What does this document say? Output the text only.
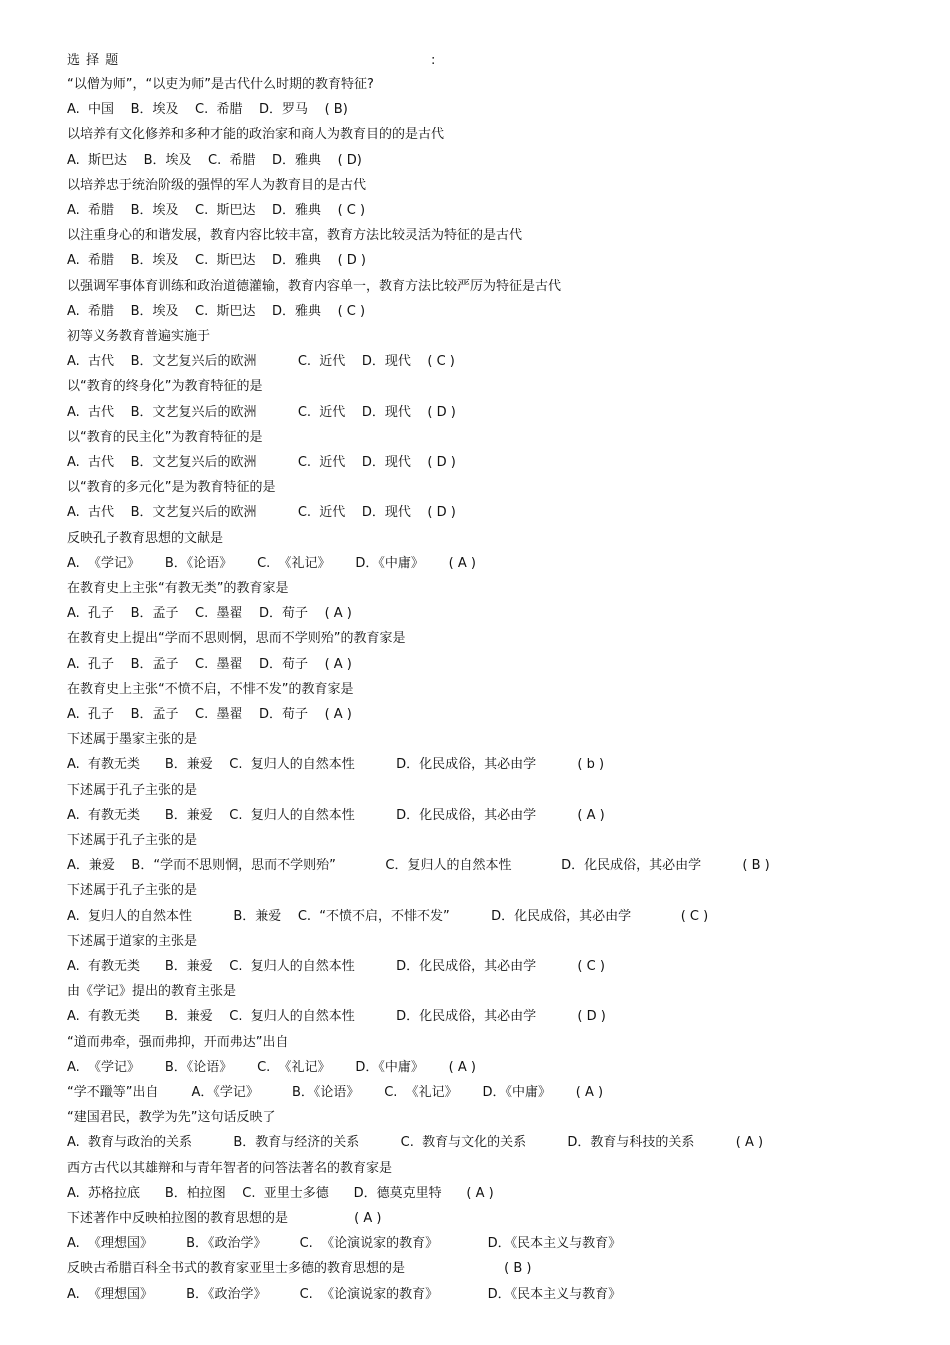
选 择 题	:
“以僧为师”，“以吏为师”是古代什么时期的教育特征?
A.  中国    B．埃及    C.  希腊    D．罗马    ( B)
以培养有文化修养和多种才能的政治家和商人为教育目的的是古代
A.  斯巴达    B．埃及    C.  希腊    D．雅典    ( D)
以培养忠于统治阶级的强悍的军人为教育目的是古代
A.  希腊    B．埃及    C.  斯巴达    D．雅典    ( C )
以注重身心的和谐发展，教育内容比较丰富，教育方法比较灵活为特征的是古代
A.  希腊    B．埃及    C.  斯巴达    D．雅典    ( D )
以强调军事体育训练和政治道德灌输，教育内容单一，教育方法比较严厉为特征是古代
A.  希腊    B．埃及    C.  斯巴达    D．雅典    ( C )
初等义务教育普遍实施于
A.  古代    B．文艺复兴后的欧洲          C.  近代    D．现代    ( C )
以“教育的终身化”为教育特征的是
A.  古代    B．文艺复兴后的欧洲          C.  近代    D．现代    ( D )
以“教育的民主化”为教育特征的是
A.  古代    B．文艺复兴后的欧洲          C.  近代    D．现代    ( D )
以“教育的多元化”是为教育特征的是
A.  古代    B．文艺复兴后的欧洲          C.  近代    D．现代    ( D )
反映孔子教育思想的文献是
A.  《学记》      B．《论语》      C.  《礼记》      D．《中庸》      ( A )
在教育史上主张“有教无类”的教育家是
A.  孔子    B．孟子    C.  墨翟    D．荀子    ( A )
在教育史上提出“学而不思则惘，思而不学则殆”的教育家是
A.  孔子    B．孟子    C.  墨翟    D．荀子    ( A )
在教育史上主张“不愤不启，不悱不发”的教育家是
A.  孔子    B．孟子    C.  墨翟    D．荀子    ( A )
下述属于墨家主张的是
A.  有教无类      B．兼爱    C.  复归人的自然本性          D．化民成俗，其必由学          ( b )
下述属于孔子主张的是
A.  有教无类      B．兼爱    C.  复归人的自然本性          D．化民成俗，其必由学          ( A )
下述属于孔子主张的是
A．兼爱    B．“学而不思则惘，思而不学则殆”            C．复归人的自然本性            D．化民成俗，其必由学          ( B )
下述属于孔子主张的是
A.  复归人的自然本性          B．兼爱    C.  “不愤不启，不悱不发”          D．化民成俗，其必由学            ( C )
下述属于道家的主张是
A.  有教无类      B．兼爱    C.  复归人的自然本性          D．化民成俗，其必由学          ( C )
由《学记》提出的教育主张是
A.  有教无类      B．兼爱    C.  复归人的自然本性          D．化民成俗，其必由学          ( D )
“道而弗牵，强而弗抑，开而弗达”出自
A.  《学记》      B．《论语》      C.  《礼记》      D．《中庸》      ( A )
“学不躐等”出自        A．《学记》        B．《论语》      C.  《礼记》      D．《中庸》      ( A )
“建国君民，教学为先”这句话反映了
A.  教育与政治的关系          B．教育与经济的关系          C.  教育与文化的关系          D．教育与科技的关系          ( A )
西方古代以其雄辩和与青年智者的问答法著名的教育家是
A.  苏格拉底      B．柏拉图    C.  亚里士多德      D．德莫克里特      ( A )
下述著作中反映柏拉图的教育思想的是                ( A )
A.  《理想国》        B．《政治学》        C.  《论演说家的教育》            D．《民本主义与教育》
反映古希腊百科全书式的教育家亚里士多德的教育思想的是                        ( B )
A.  《理想国》        B．《政治学》        C.  《论演说家的教育》            D．《民本主义与教育》
